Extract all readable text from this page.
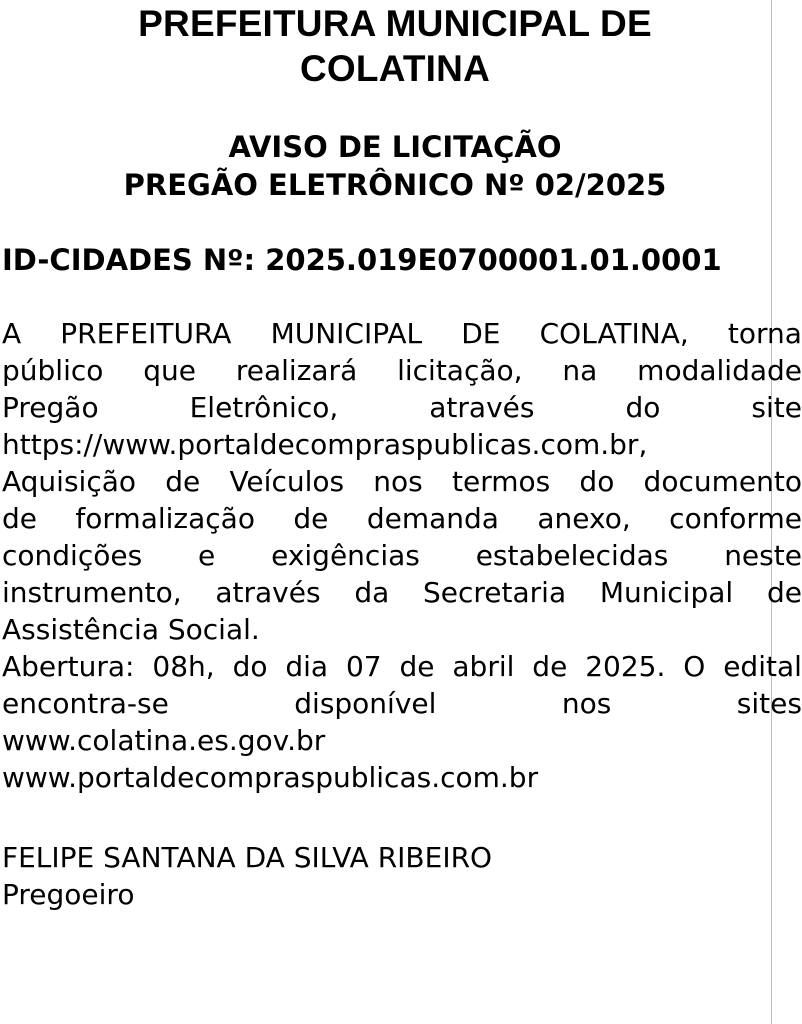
PREFEITURA MUNICIPAL DE
COLATINA
AVISO DE LICITAÇÃO
PREGÃO ELETRÔNICO Nº 02/2025

ID-CIDADES Nº: 2025.019E0700001.01.0001

A PREFEITURA MUNICIPAL DE COLATINA, torna
público que realizará licitação, na modalidade
Pregão	Eletrônico,	através	do	site
https://www.portaldecompraspublicas.com.br,
Aquisição de Veículos nos termos do documento
de formalização de demanda anexo, conforme
condições e exigências estabelecidas neste
instrumento, através da Secretaria Municipal de
Assistência Social.
Abertura: 08h, do dia 07 de abril de 2025. O edital
encontra-se	disponível	nos	sites
www.colatina.es.gov.br
www.portaldecompraspublicas.com.br

FELIPE SANTANA DA SILVA RIBEIRO

Pregoeiro
